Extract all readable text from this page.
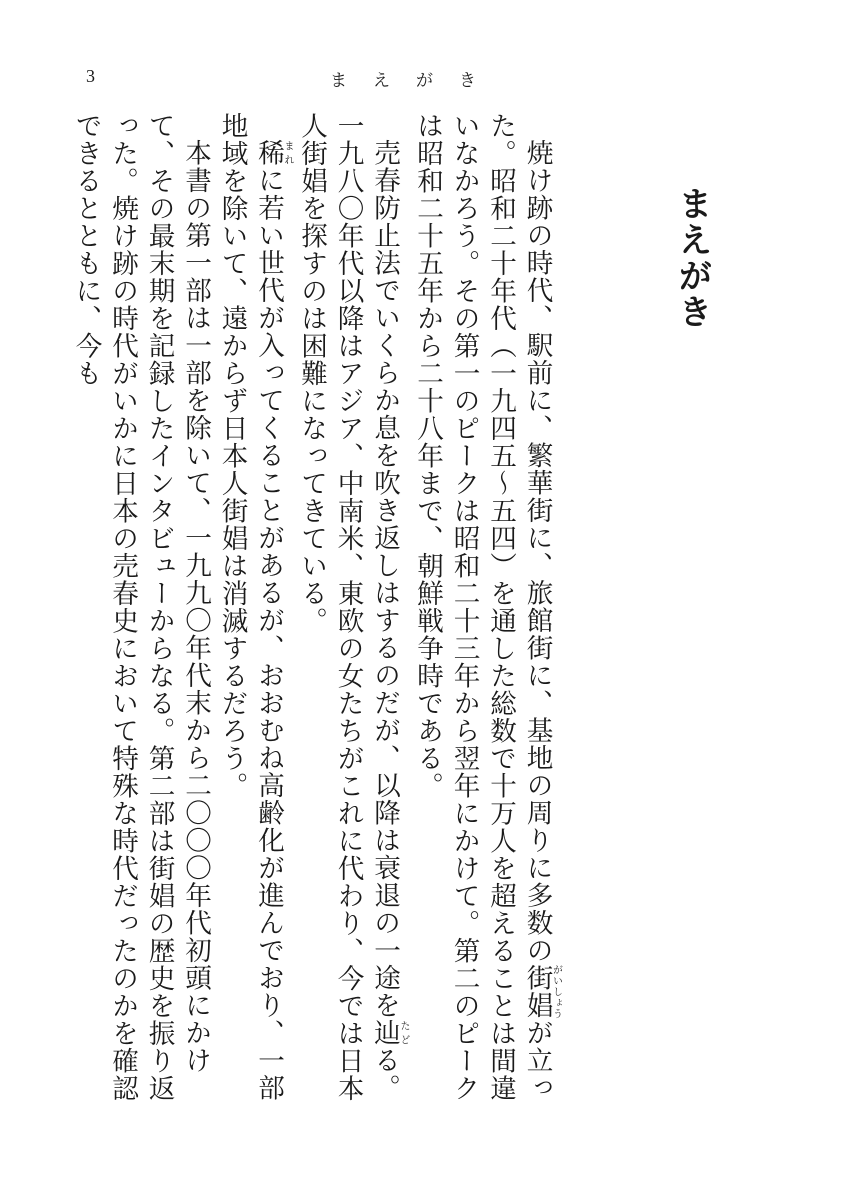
3	まえがき
まえがき

焼け跡の時代、駅前に、繁華街に、旅館街に、基地の周りに多数の街娼がいしょうが立った。昭和二十年代（一九四五～五四）を通した総数で十万人を超えることは間違いなかろう。その第一のピークは昭和二十三年から翌年にかけて。第二のピークは昭和二十五年から二十八年まで、朝鮮戦争時である。

売春防止法でいくらか息を吹き返しはするのだが、以降は衰退の一途を辿たどる。一九八〇年代以降はアジア、中南米、東欧の女たちがこれに代わり、今では日本人街娼を探すのは困難になってきている。

稀まれに若い世代が入ってくることがあるが、おおむね高齢化が進んでおり、一部地域を除いて、遠からず日本人街娼は消滅するだろう。

本書の第一部は一部を除いて、一九九〇年代末から二〇〇〇年代初頭にかけて、その最末期を記録したインタビューからなる。第二部は街娼の歴史を振り返った。焼け跡の時代がいかに日本の売春史において特殊な時代だったのかを確認できるとともに、今も
